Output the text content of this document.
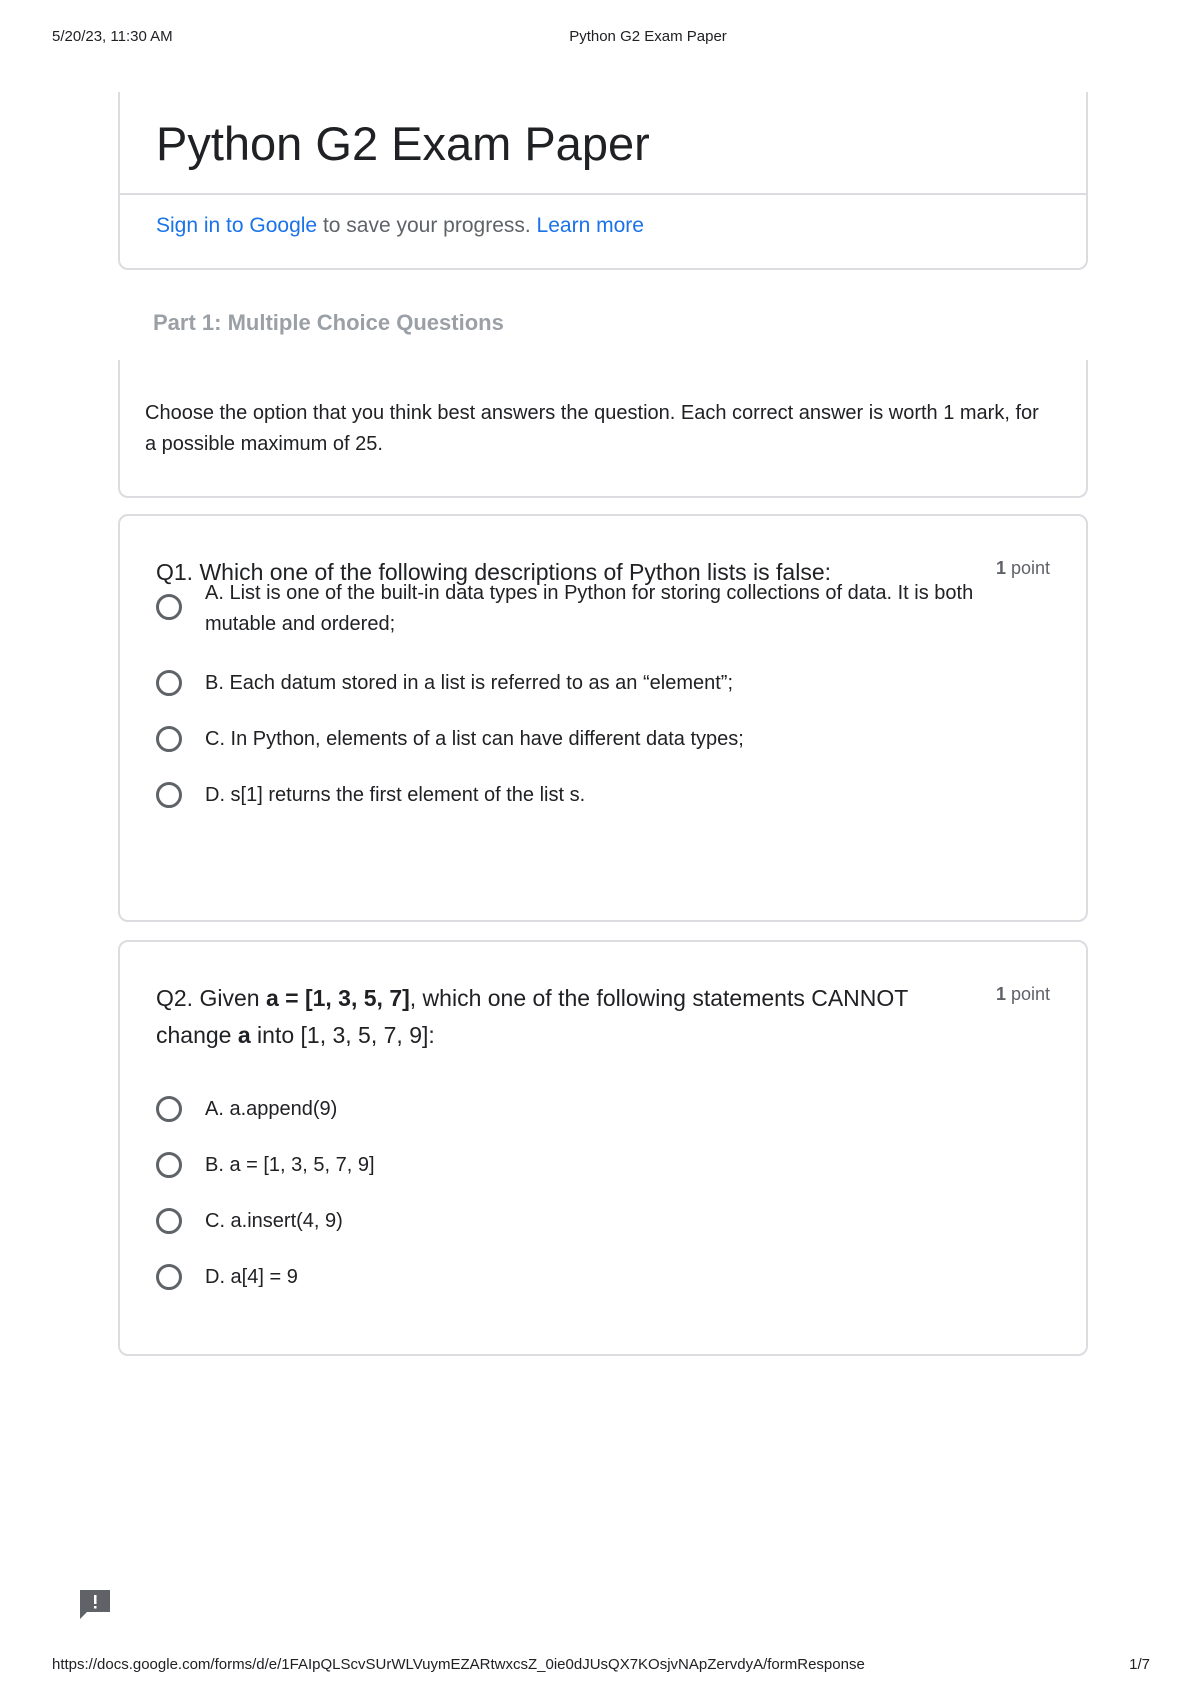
5/20/23, 11:30 AM	Python G2 Exam Paper
Python G2 Exam Paper
Sign in to Google to save your progress. Learn more
Part 1: Multiple Choice Questions
Choose the option that you think best answers the question. Each correct answer is worth 1 mark, for a possible maximum of 25.
Q1. Which one of the following descriptions of Python lists is false:	1 point
A. List is one of the built-in data types in Python for storing collections of data. It is both mutable and ordered;
B. Each datum stored in a list is referred to as an “element”;
C. In Python, elements of a list can have different data types;
D. s[1] returns the first element of the list s.
Q2. Given a = [1, 3, 5, 7], which one of the following statements CANNOT change a into [1, 3, 5, 7, 9]:
1 point
A. a.append(9)
B. a = [1, 3, 5, 7, 9]
C. a.insert(4, 9)
D. a[4] = 9
https://docs.google.com/forms/d/e/1FAIpQLScvSUrWLVuymEZARtwxcsZ_0ie0dJUsQX7KOsjvNApZervdyA/formResponse	1/7
